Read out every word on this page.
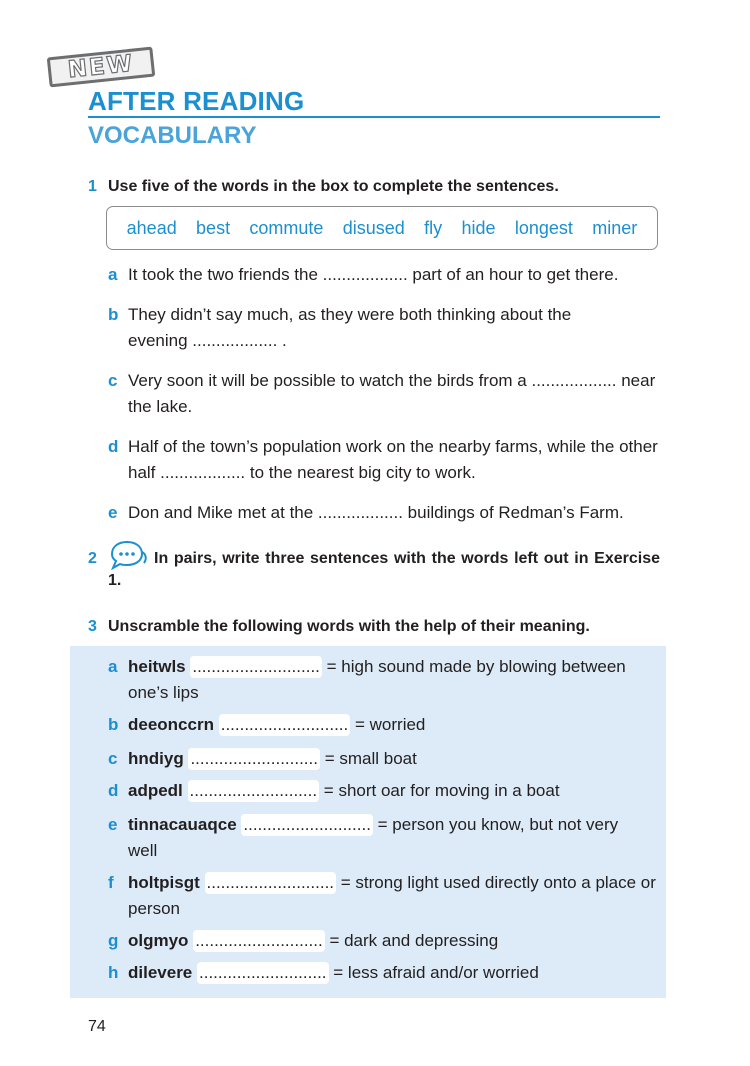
NEW
AFTER READING
VOCABULARY
1 Use five of the words in the box to complete the sentences.
ahead best commute disused fly hide longest miner
a It took the two friends the .................. part of an hour to get there.
b They didn’t say much, as they were both thinking about the evening .................. .
c Very soon it will be possible to watch the birds from a .................. near the lake.
d Half of the town’s population work on the nearby farms, while the other half .................. to the nearest big city to work.
e Don and Mike met at the .................. buildings of Redman’s Farm.
2	In pairs, write three sentences with the words left out in Exercise 1.
3 Unscramble the following words with the help of their meaning.
a heitwls ........................... = high sound made by blowing between one’s lips
b deeonccrn ........................... = worried
c hndiyg ........................... = small boat
d adpedl ........................... = short oar for moving in a boat
e tinnacauaqce ........................... = person you know, but not very well
f holtpisgt ........................... = strong light used directly onto a place or person
g olgmyo ........................... = dark and depressing
h dilevere ........................... = less afraid and/or worried
74
